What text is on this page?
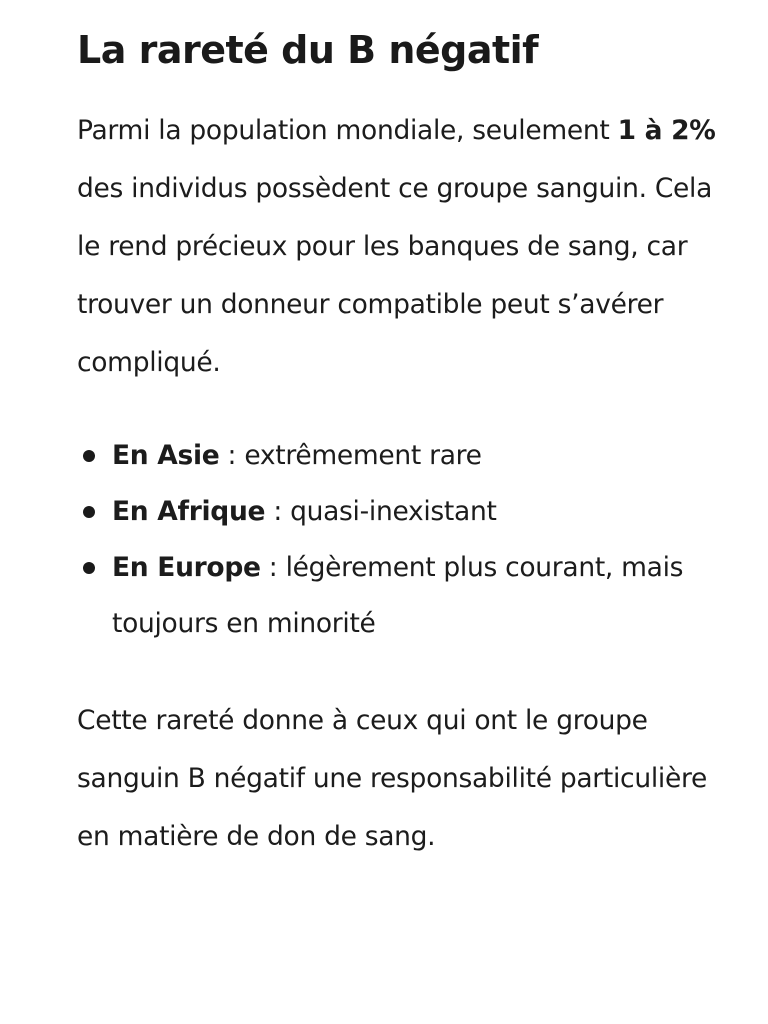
La rareté du B négatif

Parmi la population mondiale, seulement 1 à 2% des individus possèdent ce groupe sanguin. Cela le rend précieux pour les banques de sang, car trouver un donneur compatible peut s’avérer compliqué.

En Asie : extrêmement rare
En Afrique : quasi-inexistant
En Europe : légèrement plus courant, mais toujours en minorité

Cette rareté donne à ceux qui ont le groupe sanguin B négatif une responsabilité particulière en matière de don de sang.
